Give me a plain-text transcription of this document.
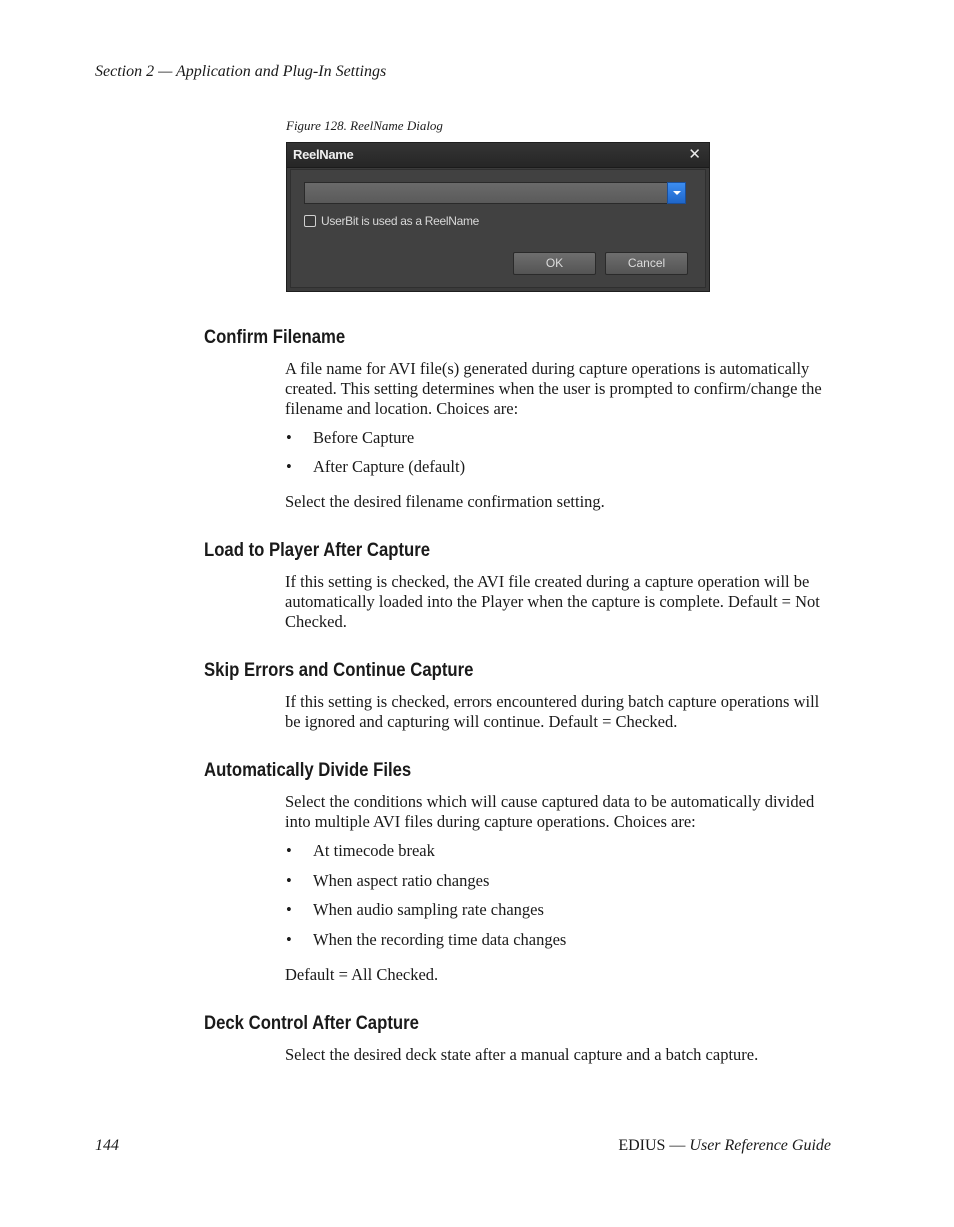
Section 2 — Application and Plug-In Settings
Figure 128. ReelName Dialog
ReelName	✕
UserBit is used as a ReelName
OK	Cancel
Confirm Filename

A file name for AVI file(s) generated during capture operations is automatically created. This setting determines when the user is prompted to confirm/change the filename and location. Choices are:

• Before Capture
• After Capture (default)

Select the desired filename confirmation setting.

Load to Player After Capture

If this setting is checked, the AVI file created during a capture operation will be automatically loaded into the Player when the capture is complete. Default = Not Checked.

Skip Errors and Continue Capture

If this setting is checked, errors encountered during batch capture operations will be ignored and capturing will continue. Default = Checked.

Automatically Divide Files

Select the conditions which will cause captured data to be automatically divided into multiple AVI files during capture operations. Choices are:

• At timecode break
• When aspect ratio changes
• When audio sampling rate changes
• When the recording time data changes

Default = All Checked.

Deck Control After Capture

Select the desired deck state after a manual capture and a batch capture.

144	EDIUS — User Reference Guide
